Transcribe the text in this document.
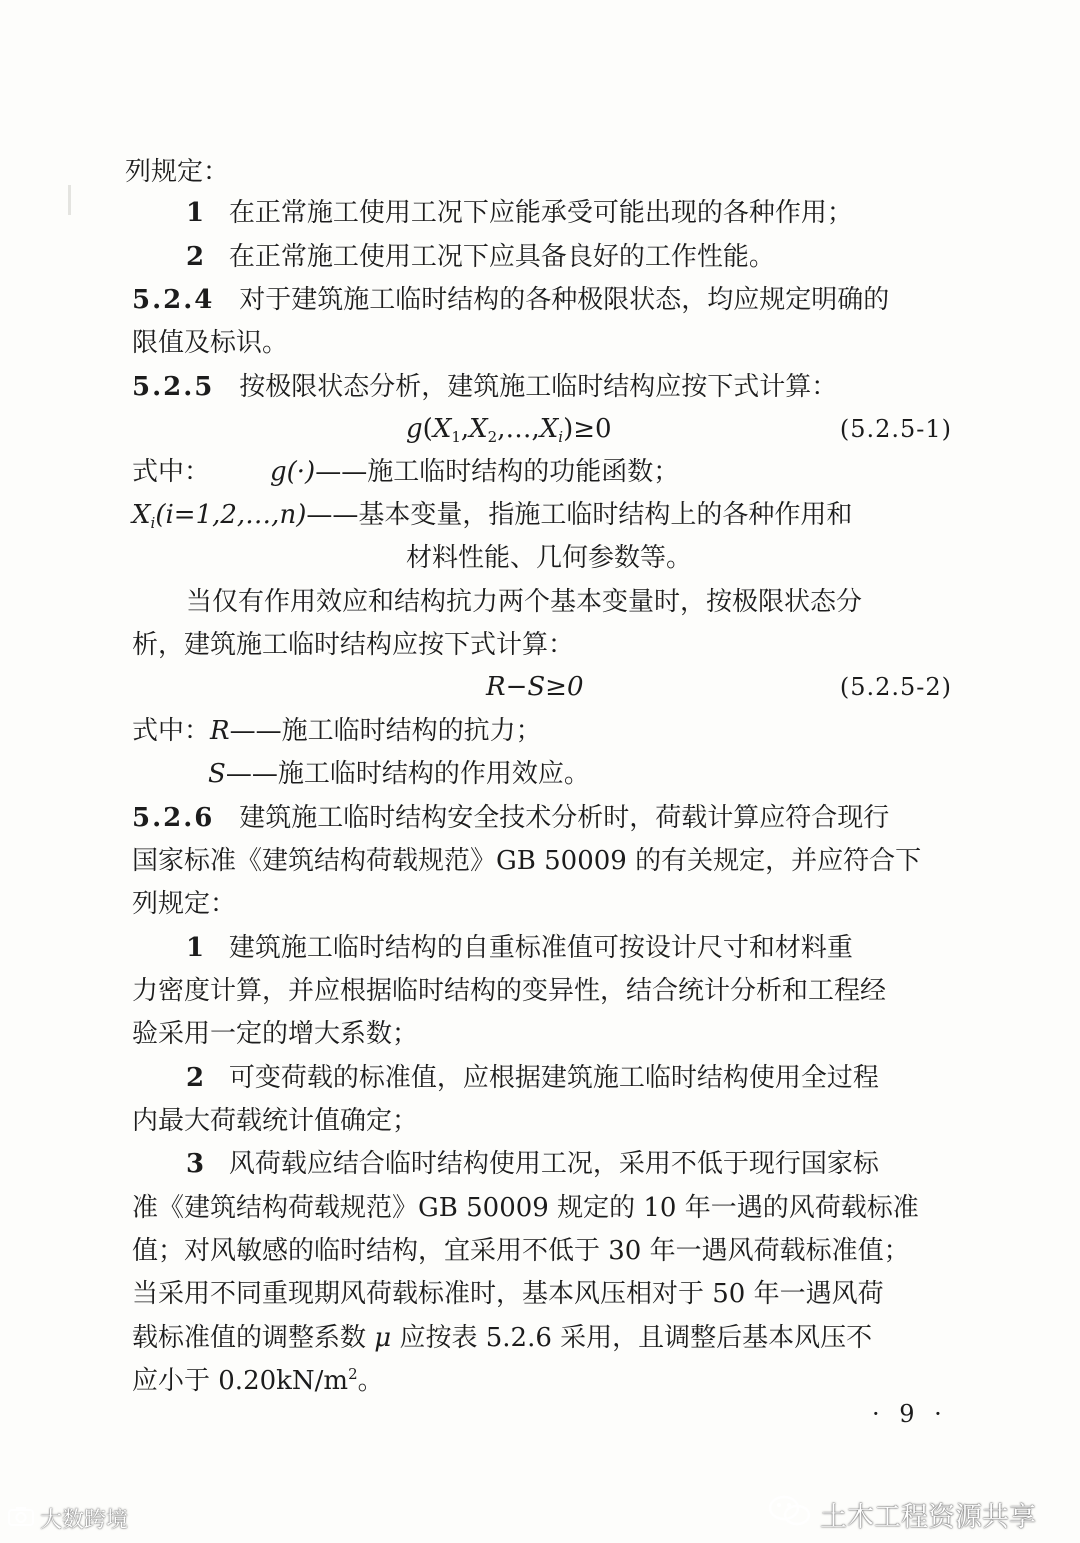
列规定：
1 在正常施工使用工况下应能承受可能出现的各种作用；
2 在正常施工使用工况下应具备良好的工作性能。
5.2.4 对于建筑施工临时结构的各种极限状态，均应规定明确的
限值及标识。
5.2.5 按极限状态分析，建筑施工临时结构应按下式计算：
$g(X_1,X_2,\dots,X_i)\ge 0$	(5.2.5-1)
式中： g(·)——施工临时结构的功能函数；
$X_i(i=1,2,\dots,n)——$基本变量，指施工临时结构上的各种作用和
材料性能、几何参数等。
当仅有作用效应和结构抗力两个基本变量时，按极限状态分
析，建筑施工临时结构应按下式计算：
R−S≥0	(5.2.5-2)
式中：R——施工临时结构的抗力；
S——施工临时结构的作用效应。
5.2.6 建筑施工临时结构安全技术分析时，荷载计算应符合现行
国家标准《建筑结构荷载规范》GB 50009 的有关规定，并应符合下
列规定：
1 建筑施工临时结构的自重标准值可按设计尺寸和材料重
力密度计算，并应根据临时结构的变异性，结合统计分析和工程经
验采用一定的增大系数；
2 可变荷载的标准值，应根据建筑施工临时结构使用全过程
内最大荷载统计值确定；
3 风荷载应结合临时结构使用工况，采用不低于现行国家标
准《建筑结构荷载规范》GB 50009 规定的 10 年一遇的风荷载标准
值；对风敏感的临时结构，宜采用不低于 30 年一遇风荷载标准值；
当采用不同重现期风荷载标准时，基本风压相对于 50 年一遇风荷
载标准值的调整系数 μ 应按表 5.2.6 采用，且调整后基本风压不
应小于 $0.20kN/m^2$。
· 9 ·
大数跨境	土木工程资源共享
